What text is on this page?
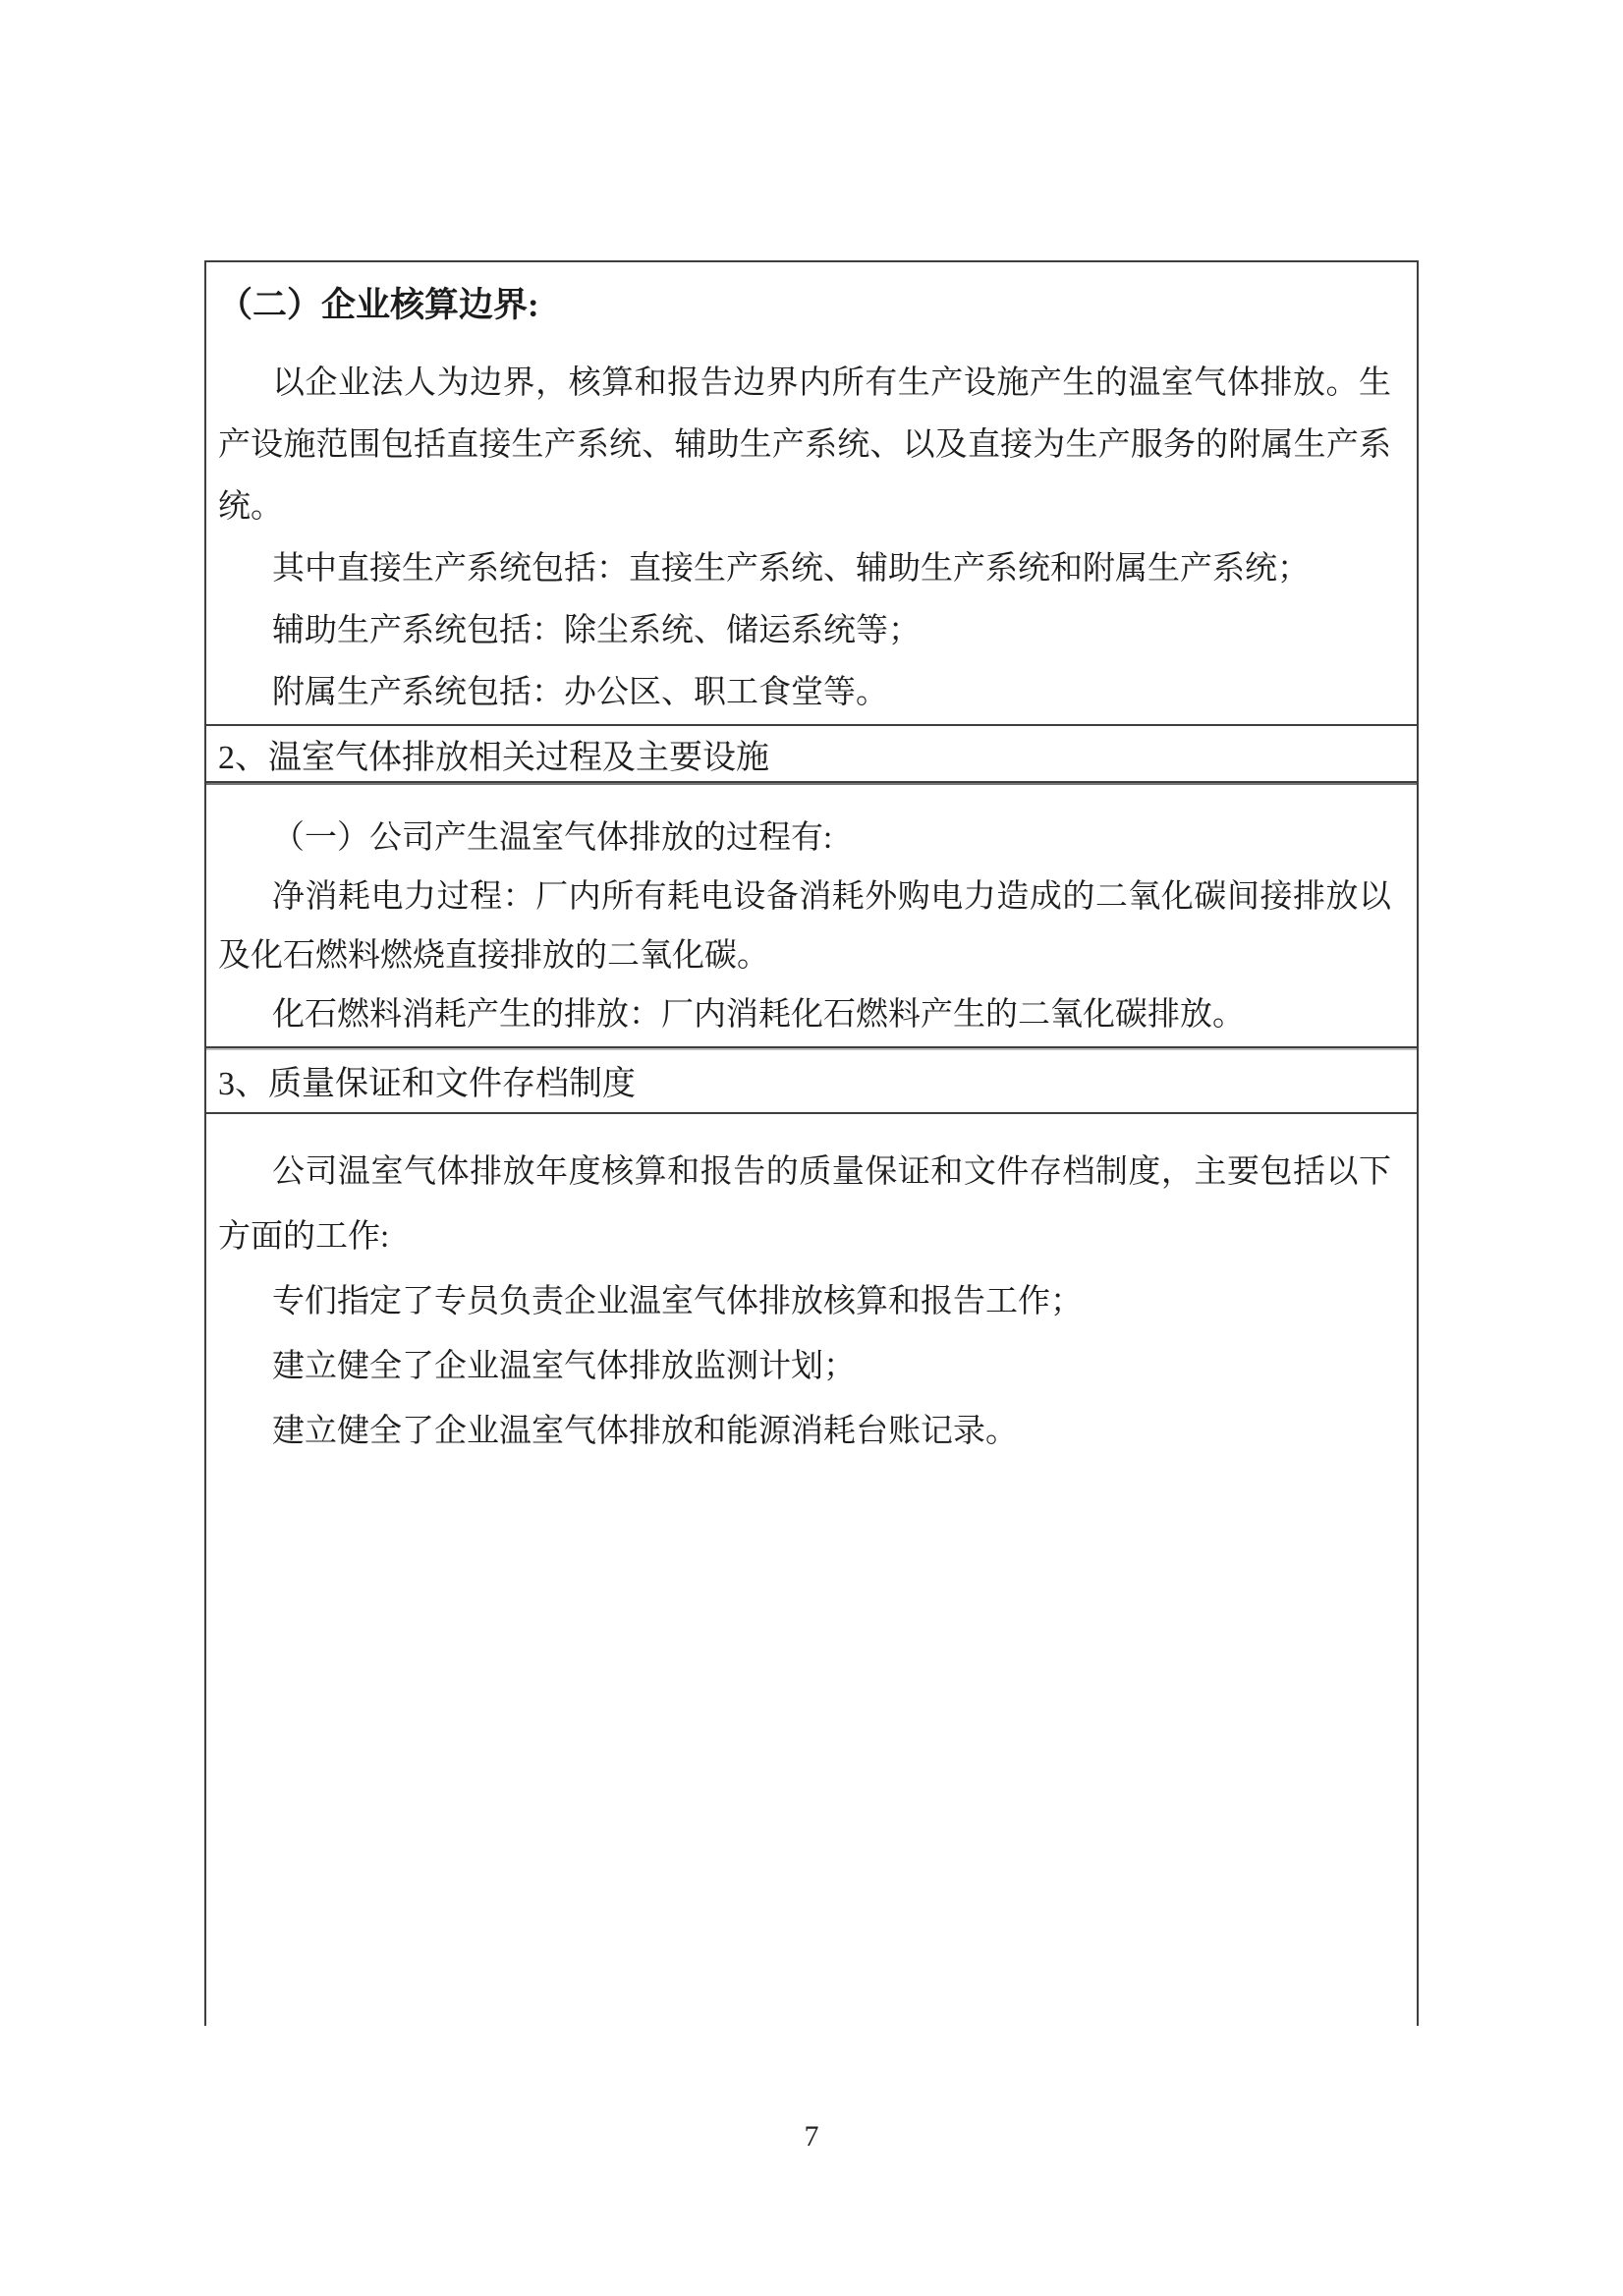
（二）企业核算边界:

以企业法人为边界，核算和报告边界内所有生产设施产生的温室气体排放。生产设施范围包括直接生产系统、辅助生产系统、以及直接为生产服务的附属生产系统。

其中直接生产系统包括：直接生产系统、辅助生产系统和附属生产系统；

辅助生产系统包括：除尘系统、储运系统等；

附属生产系统包括：办公区、职工食堂等。

2、温室气体排放相关过程及主要设施

（一）公司产生温室气体排放的过程有:

净消耗电力过程：厂内所有耗电设备消耗外购电力造成的二氧化碳间接排放以及化石燃料燃烧直接排放的二氧化碳。

化石燃料消耗产生的排放：厂内消耗化石燃料产生的二氧化碳排放。

3、质量保证和文件存档制度

公司温室气体排放年度核算和报告的质量保证和文件存档制度，主要包括以下方面的工作:

专们指定了专员负责企业温室气体排放核算和报告工作；

建立健全了企业温室气体排放监测计划；

建立健全了企业温室气体排放和能源消耗台账记录。

7
